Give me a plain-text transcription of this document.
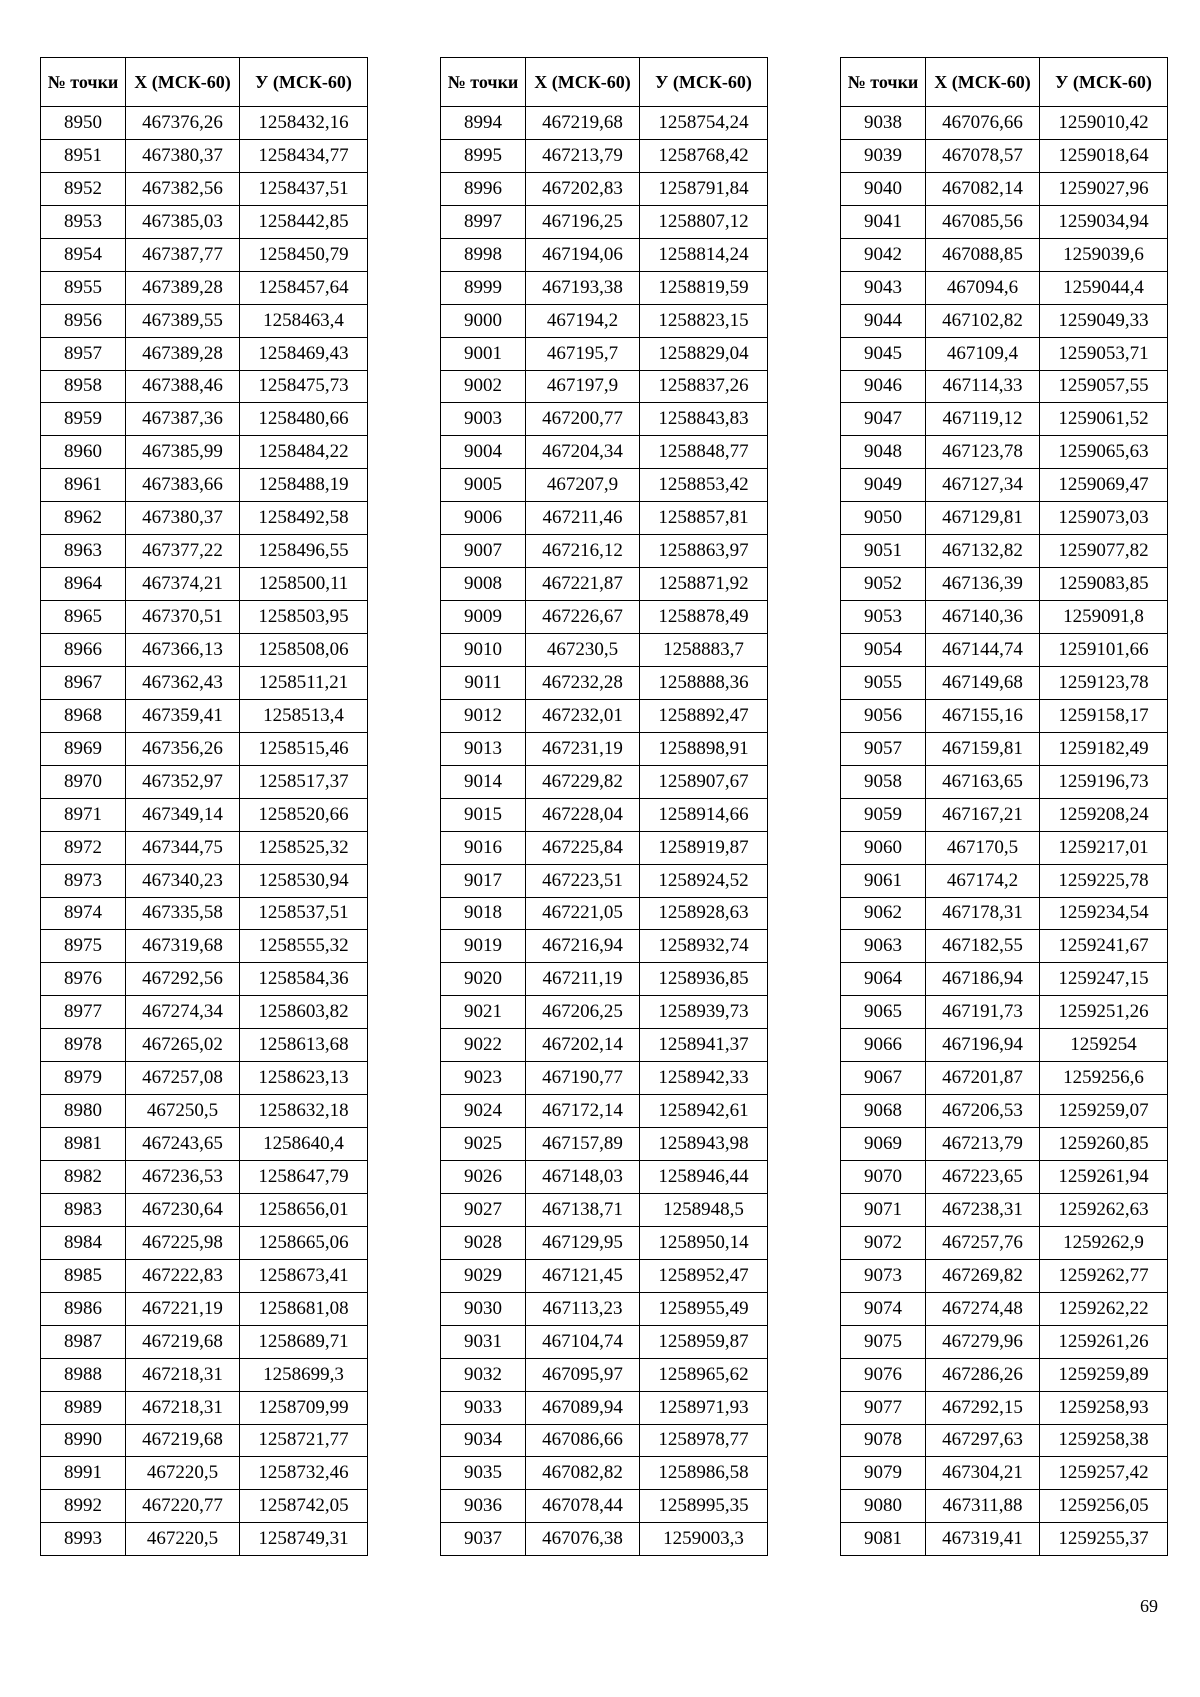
№ точки	Х (МСК-60)	У (МСК-60)
8950	467376,26	1258432,16
8951	467380,37	1258434,77
8952	467382,56	1258437,51
8953	467385,03	1258442,85
8954	467387,77	1258450,79
8955	467389,28	1258457,64
8956	467389,55	1258463,4
8957	467389,28	1258469,43
8958	467388,46	1258475,73
8959	467387,36	1258480,66
8960	467385,99	1258484,22
8961	467383,66	1258488,19
8962	467380,37	1258492,58
8963	467377,22	1258496,55
8964	467374,21	1258500,11
8965	467370,51	1258503,95
8966	467366,13	1258508,06
8967	467362,43	1258511,21
8968	467359,41	1258513,4
8969	467356,26	1258515,46
8970	467352,97	1258517,37
8971	467349,14	1258520,66
8972	467344,75	1258525,32
8973	467340,23	1258530,94
8974	467335,58	1258537,51
8975	467319,68	1258555,32
8976	467292,56	1258584,36
8977	467274,34	1258603,82
8978	467265,02	1258613,68
8979	467257,08	1258623,13
8980	467250,5	1258632,18
8981	467243,65	1258640,4
8982	467236,53	1258647,79
8983	467230,64	1258656,01
8984	467225,98	1258665,06
8985	467222,83	1258673,41
8986	467221,19	1258681,08
8987	467219,68	1258689,71
8988	467218,31	1258699,3
8989	467218,31	1258709,99
8990	467219,68	1258721,77
8991	467220,5	1258732,46
8992	467220,77	1258742,05
8993	467220,5	1258749,31
№ точки	Х (МСК-60)	У (МСК-60)
8994	467219,68	1258754,24
8995	467213,79	1258768,42
8996	467202,83	1258791,84
8997	467196,25	1258807,12
8998	467194,06	1258814,24
8999	467193,38	1258819,59
9000	467194,2	1258823,15
9001	467195,7	1258829,04
9002	467197,9	1258837,26
9003	467200,77	1258843,83
9004	467204,34	1258848,77
9005	467207,9	1258853,42
9006	467211,46	1258857,81
9007	467216,12	1258863,97
9008	467221,87	1258871,92
9009	467226,67	1258878,49
9010	467230,5	1258883,7
9011	467232,28	1258888,36
9012	467232,01	1258892,47
9013	467231,19	1258898,91
9014	467229,82	1258907,67
9015	467228,04	1258914,66
9016	467225,84	1258919,87
9017	467223,51	1258924,52
9018	467221,05	1258928,63
9019	467216,94	1258932,74
9020	467211,19	1258936,85
9021	467206,25	1258939,73
9022	467202,14	1258941,37
9023	467190,77	1258942,33
9024	467172,14	1258942,61
9025	467157,89	1258943,98
9026	467148,03	1258946,44
9027	467138,71	1258948,5
9028	467129,95	1258950,14
9029	467121,45	1258952,47
9030	467113,23	1258955,49
9031	467104,74	1258959,87
9032	467095,97	1258965,62
9033	467089,94	1258971,93
9034	467086,66	1258978,77
9035	467082,82	1258986,58
9036	467078,44	1258995,35
9037	467076,38	1259003,3
№ точки	Х (МСК-60)	У (МСК-60)
9038	467076,66	1259010,42
9039	467078,57	1259018,64
9040	467082,14	1259027,96
9041	467085,56	1259034,94
9042	467088,85	1259039,6
9043	467094,6	1259044,4
9044	467102,82	1259049,33
9045	467109,4	1259053,71
9046	467114,33	1259057,55
9047	467119,12	1259061,52
9048	467123,78	1259065,63
9049	467127,34	1259069,47
9050	467129,81	1259073,03
9051	467132,82	1259077,82
9052	467136,39	1259083,85
9053	467140,36	1259091,8
9054	467144,74	1259101,66
9055	467149,68	1259123,78
9056	467155,16	1259158,17
9057	467159,81	1259182,49
9058	467163,65	1259196,73
9059	467167,21	1259208,24
9060	467170,5	1259217,01
9061	467174,2	1259225,78
9062	467178,31	1259234,54
9063	467182,55	1259241,67
9064	467186,94	1259247,15
9065	467191,73	1259251,26
9066	467196,94	1259254
9067	467201,87	1259256,6
9068	467206,53	1259259,07
9069	467213,79	1259260,85
9070	467223,65	1259261,94
9071	467238,31	1259262,63
9072	467257,76	1259262,9
9073	467269,82	1259262,77
9074	467274,48	1259262,22
9075	467279,96	1259261,26
9076	467286,26	1259259,89
9077	467292,15	1259258,93
9078	467297,63	1259258,38
9079	467304,21	1259257,42
9080	467311,88	1259256,05
9081	467319,41	1259255,37
69
